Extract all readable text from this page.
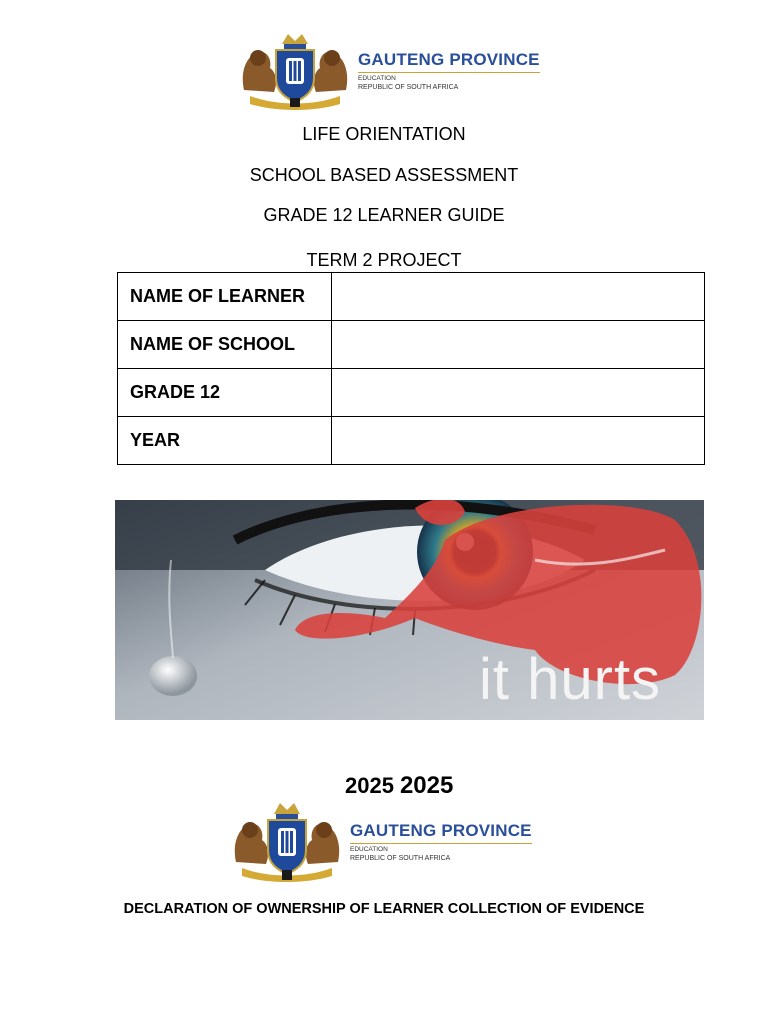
GAUTENG PROVINCE
EDUCATION
REPUBLIC OF SOUTH AFRICA
LIFE ORIENTATION
SCHOOL BASED ASSESSMENT
GRADE 12 LEARNER GUIDE
TERM 2 PROJECT
NAME OF LEARNER	
NAME OF SCHOOL	
GRADE 12	
YEAR	
it hurts
2025 2025
GAUTENG PROVINCE
EDUCATION
REPUBLIC OF SOUTH AFRICA
DECLARATION OF OWNERSHIP OF LEARNER COLLECTION OF EVIDENCE
